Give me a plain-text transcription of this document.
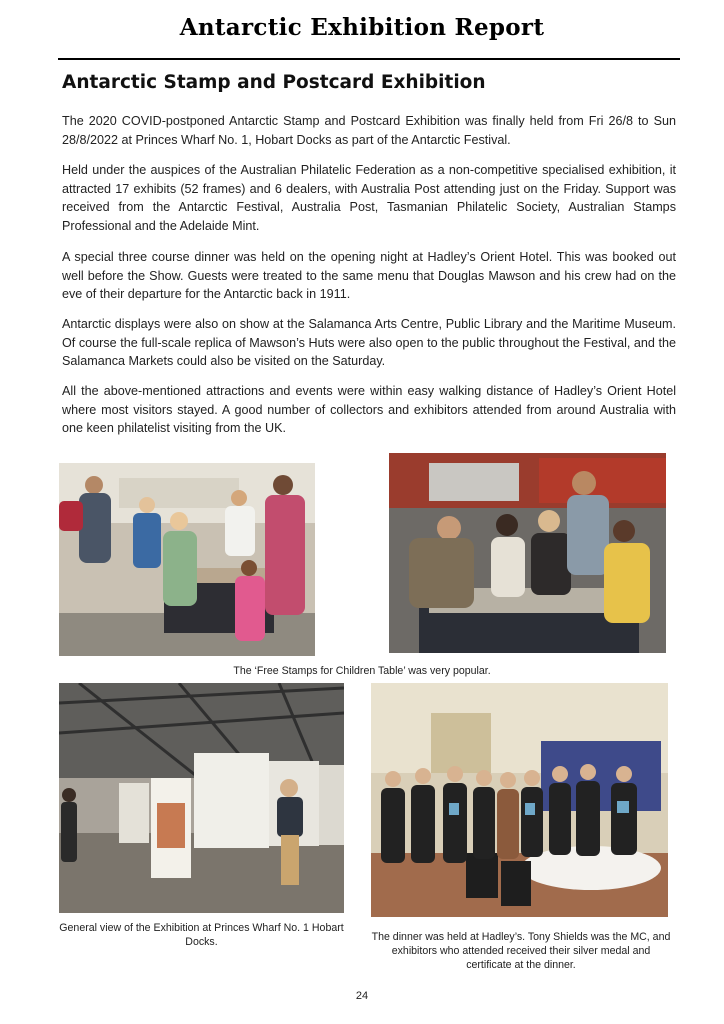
Antarctic Exhibition Report
Antarctic Stamp and Postcard Exhibition

The 2020 COVID-postponed Antarctic Stamp and Postcard Exhibition was finally held from Fri 26/8 to Sun 28/8/2022 at Princes Wharf No. 1, Hobart Docks as part of the Antarctic Festival.

Held under the auspices of the Australian Philatelic Federation as a non-competitive specialised exhibition, it attracted 17 exhibits (52 frames) and 6 dealers, with Australia Post attending just on the Friday. Support was received from the Antarctic Festival, Australia Post, Tasmanian Philatelic Society, Australian Stamps Professional and the Adelaide Mint.

A special three course dinner was held on the opening night at Hadley’s Orient Hotel. This was booked out well before the Show. Guests were treated to the same menu that Douglas Mawson and his crew had on the eve of their departure for the Antarctic back in 1911.

Antarctic displays were also on show at the Salamanca Arts Centre, Public Library and the Maritime Museum. Of course the full-scale replica of Mawson’s Huts were also open to the public throughout the Festival, and the Salamanca Markets could also be visited on the Saturday.

All the above-mentioned attractions and events were within easy walking distance of Hadley’s Orient Hotel where most visitors stayed. A good number of collectors and exhibitors attended from around Australia with one keen philatelist visiting from the UK.

The ‘Free Stamps for Children Table’ was very popular.
General view of the Exhibition at Princes Wharf No. 1 Hobart Docks.	The dinner was held at Hadley’s. Tony Shields was the MC, and exhibitors who attended received their silver medal and certificate at the dinner.
24
